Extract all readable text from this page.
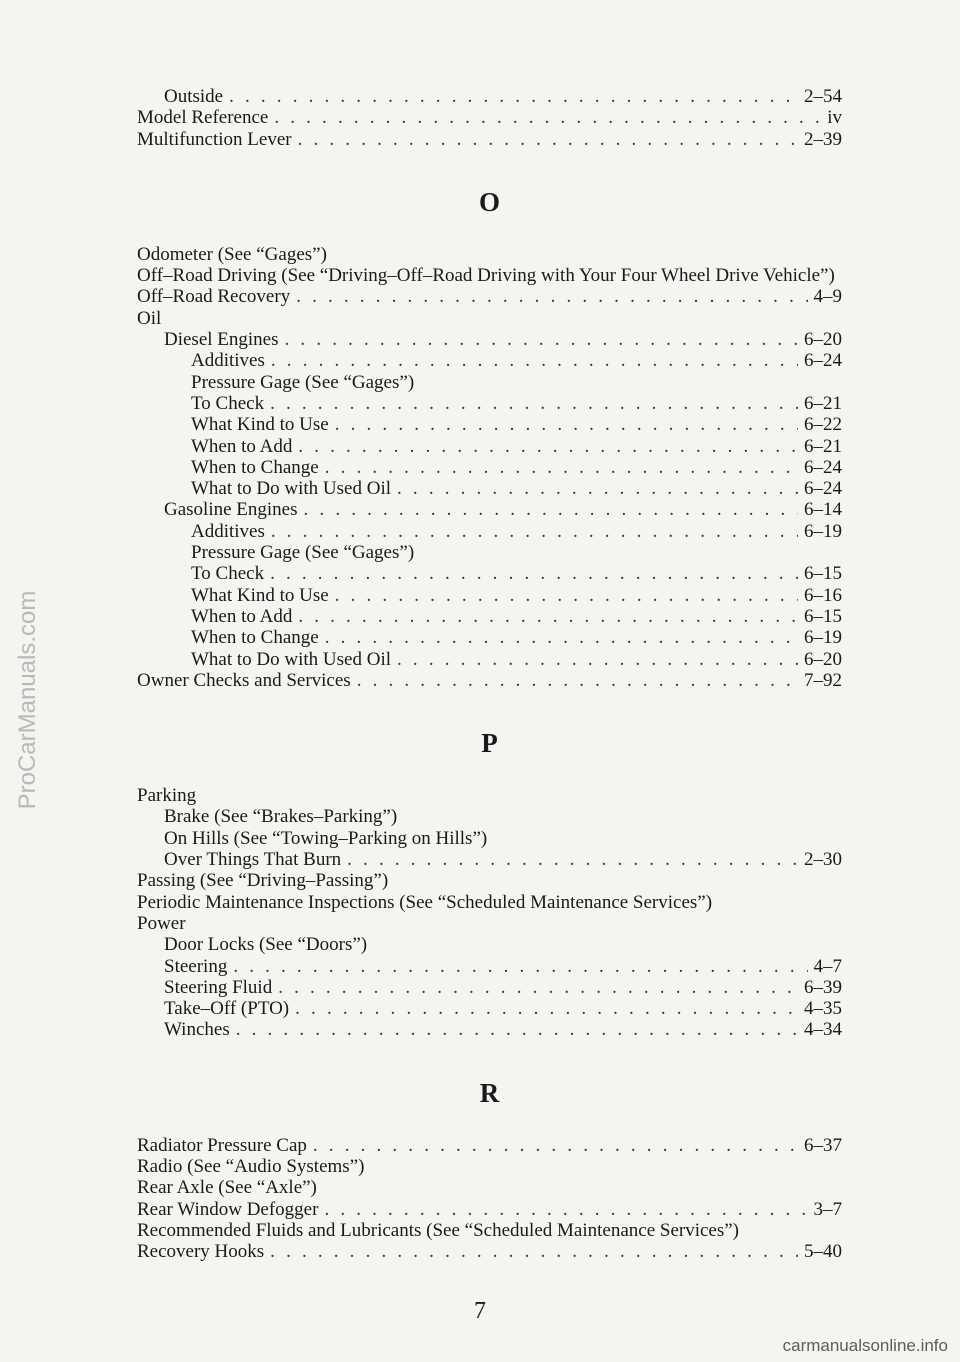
ProCarManuals.com
Outside . . .	2–54
Model Reference . . .	iv
Multifunction Lever . . .	2–39
O
Odometer (See “Gages”)
Off–Road Driving (See “Driving–Off–Road Driving with Your Four Wheel Drive Vehicle”)
Off–Road Recovery . . .	4–9
Oil
Diesel Engines . . .	6–20
Additives . . .	6–24
Pressure Gage (See “Gages”)
To Check . . .	6–21
What Kind to Use . . .	6–22
When to Add . . .	6–21
When to Change . . .	6–24
What to Do with Used Oil . . .	6–24
Gasoline Engines . . .	6–14
Additives . . .	6–19
Pressure Gage (See “Gages”)
To Check . . .	6–15
What Kind to Use . . .	6–16
When to Add . . .	6–15
When to Change . . .	6–19
What to Do with Used Oil . . .	6–20
Owner Checks and Services . . .	7–92
P
Parking
Brake (See “Brakes–Parking”)
On Hills (See “Towing–Parking on Hills”)
Over Things That Burn . . .	2–30
Passing (See “Driving–Passing”)
Periodic Maintenance Inspections (See “Scheduled Maintenance Services”)
Power
Door Locks (See “Doors”)
Steering . . .	4–7
Steering Fluid . . .	6–39
Take–Off (PTO) . . .	4–35
Winches . . .	4–34
R
Radiator Pressure Cap . . .	6–37
Radio (See “Audio Systems”)
Rear Axle (See “Axle”)
Rear Window Defogger . . .	3–7
Recommended Fluids and Lubricants (See “Scheduled Maintenance Services”)
Recovery Hooks . . .	5–40
7
carmanualsonline.info
